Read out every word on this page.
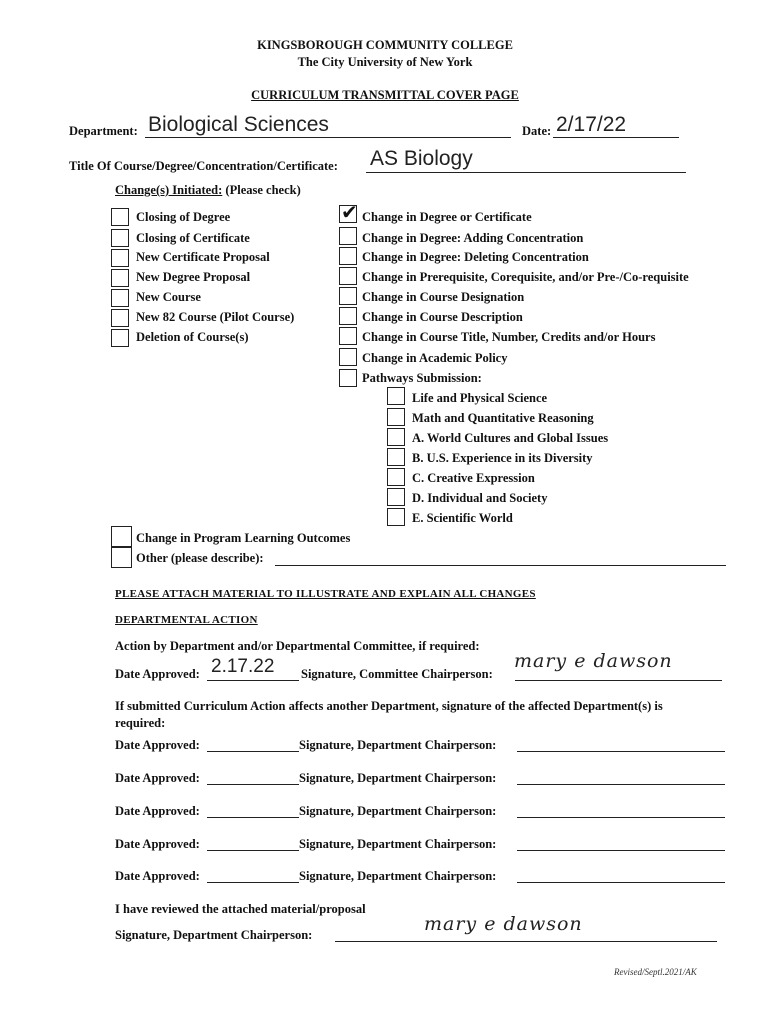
KINGSBOROUGH COMMUNITY COLLEGE
The City University of New York
CURRICULUM TRANSMITTAL COVER PAGE
Department: Biological Sciences	Date: 2/17/22
Title Of Course/Degree/Concentration/Certificate: AS Biology
Change(s) Initiated: (Please check)
Closing of Degree
Closing of Certificate
New Certificate Proposal
New Degree Proposal
New Course
New 82 Course (Pilot Course)
Deletion of Course(s)
✔ Change in Degree or Certificate
Change in Degree: Adding Concentration
Change in Degree: Deleting Concentration
Change in Prerequisite, Corequisite, and/or Pre-/Co-requisite
Change in Course Designation
Change in Course Description
Change in Course Title, Number, Credits and/or Hours
Change in Academic Policy
Pathways Submission:
Life and Physical Science
Math and Quantitative Reasoning
A. World Cultures and Global Issues
B. U.S. Experience in its Diversity
C. Creative Expression
D. Individual and Society
E. Scientific World
Change in Program Learning Outcomes
Other (please describe):
PLEASE ATTACH MATERIAL TO ILLUSTRATE AND EXPLAIN ALL CHANGES
DEPARTMENTAL ACTION
Action by Department and/or Departmental Committee, if required:
Date Approved: 2.17.22 Signature, Committee Chairperson:
mary e dawson
If submitted Curriculum Action affects another Department, signature of the affected Department(s) is
required:
Date Approved:	Signature, Department Chairperson:
Date Approved:	Signature, Department Chairperson:
Date Approved:	Signature, Department Chairperson:
Date Approved:	Signature, Department Chairperson:
Date Approved:	Signature, Department Chairperson:
I have reviewed the attached material/proposal
Signature, Department Chairperson:	mary e dawson
Revised/Septl.2021/AK
